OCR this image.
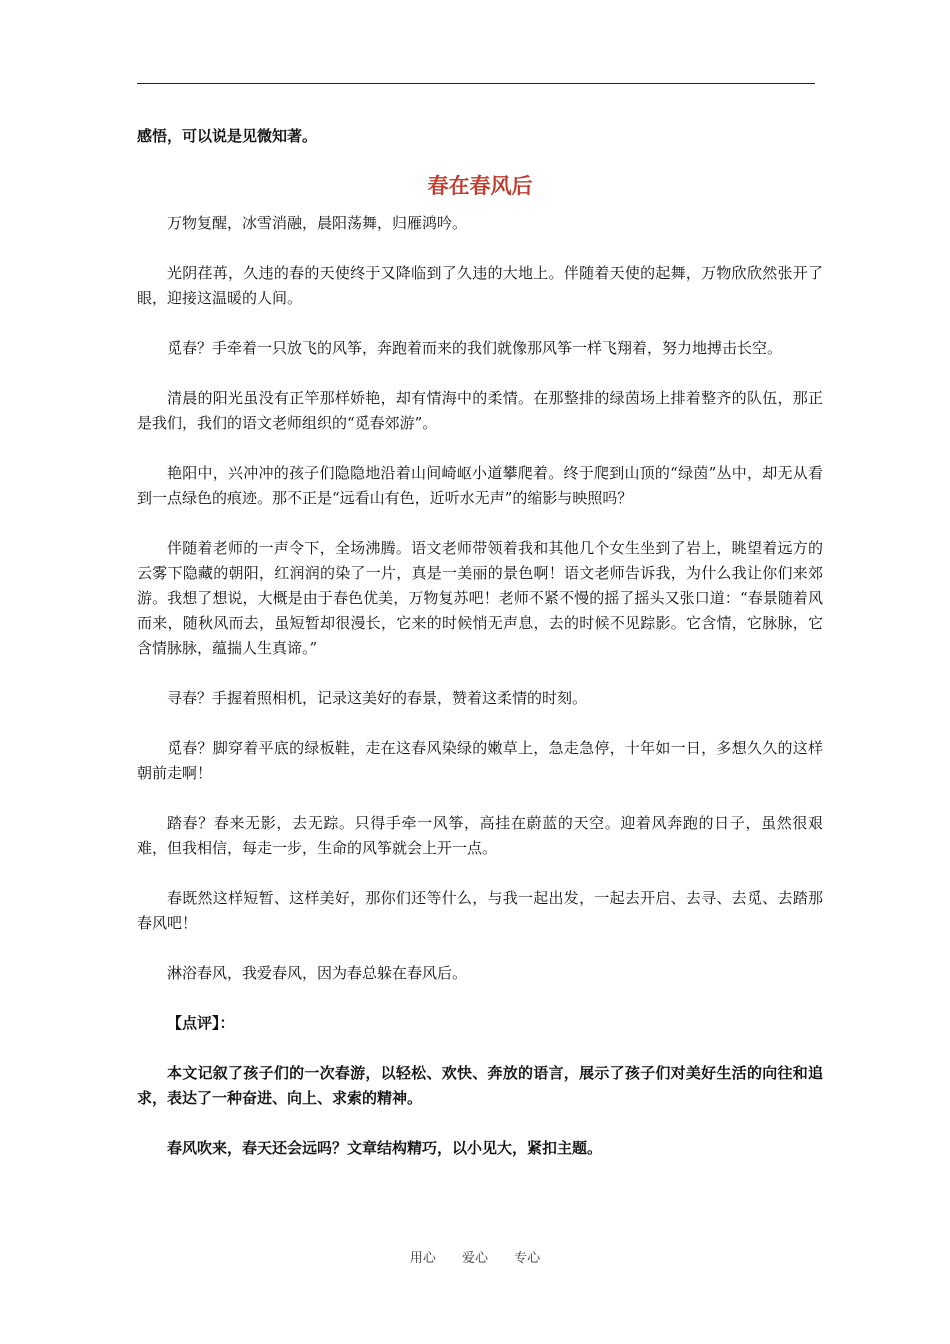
感悟，可以说是见微知著。

春在春风后

万物复醒，冰雪消融，晨阳荡舞，归雁鸿吟。

光阴荏苒，久违的春的天使终于又降临到了久违的大地上。伴随着天使的起舞，万物欣欣然张开了眼，迎接这温暖的人间。

觅春？手牵着一只放飞的风筝，奔跑着而来的我们就像那风筝一样飞翔着，努力地搏击长空。

清晨的阳光虽没有正竿那样娇艳，却有情海中的柔情。在那整排的绿茵场上排着整齐的队伍，那正是我们，我们的语文老师组织的“觅春郊游”。

艳阳中，兴冲冲的孩子们隐隐地沿着山间崎岖小道攀爬着。终于爬到山顶的“绿茵”丛中，却无从看到一点绿色的痕迹。那不正是“远看山有色，近听水无声”的缩影与映照吗？

伴随着老师的一声令下，全场沸腾。语文老师带领着我和其他几个女生坐到了岩上，眺望着远方的云雾下隐藏的朝阳，红润润的染了一片，真是一美丽的景色啊！语文老师告诉我，为什么我让你们来郊游。我想了想说，大概是由于春色优美，万物复苏吧！老师不紧不慢的摇了摇头又张口道：“春景随着风而来，随秋风而去，虽短暂却很漫长，它来的时候悄无声息，去的时候不见踪影。它含情，它脉脉，它含情脉脉，蕴揣人生真谛。”

寻春？手握着照相机，记录这美好的春景，赞着这柔情的时刻。

觅春？脚穿着平底的绿板鞋，走在这春风染绿的嫩草上，急走急停，十年如一日，多想久久的这样朝前走啊！

踏春？春来无影，去无踪。只得手牵一风筝，高挂在蔚蓝的天空。迎着风奔跑的日子，虽然很艰难，但我相信，每走一步，生命的风筝就会上开一点。

春既然这样短暂、这样美好，那你们还等什么，与我一起出发，一起去开启、去寻、去觅、去踏那春风吧！

淋浴春风，我爱春风，因为春总躲在春风后。

【点评】：

本文记叙了孩子们的一次春游，以轻松、欢快、奔放的语言，展示了孩子们对美好生活的向往和追求，表达了一种奋进、向上、求索的精神。

春风吹来，春天还会远吗？文章结构精巧，以小见大，紧扣主题。

用心 爱心 专心
